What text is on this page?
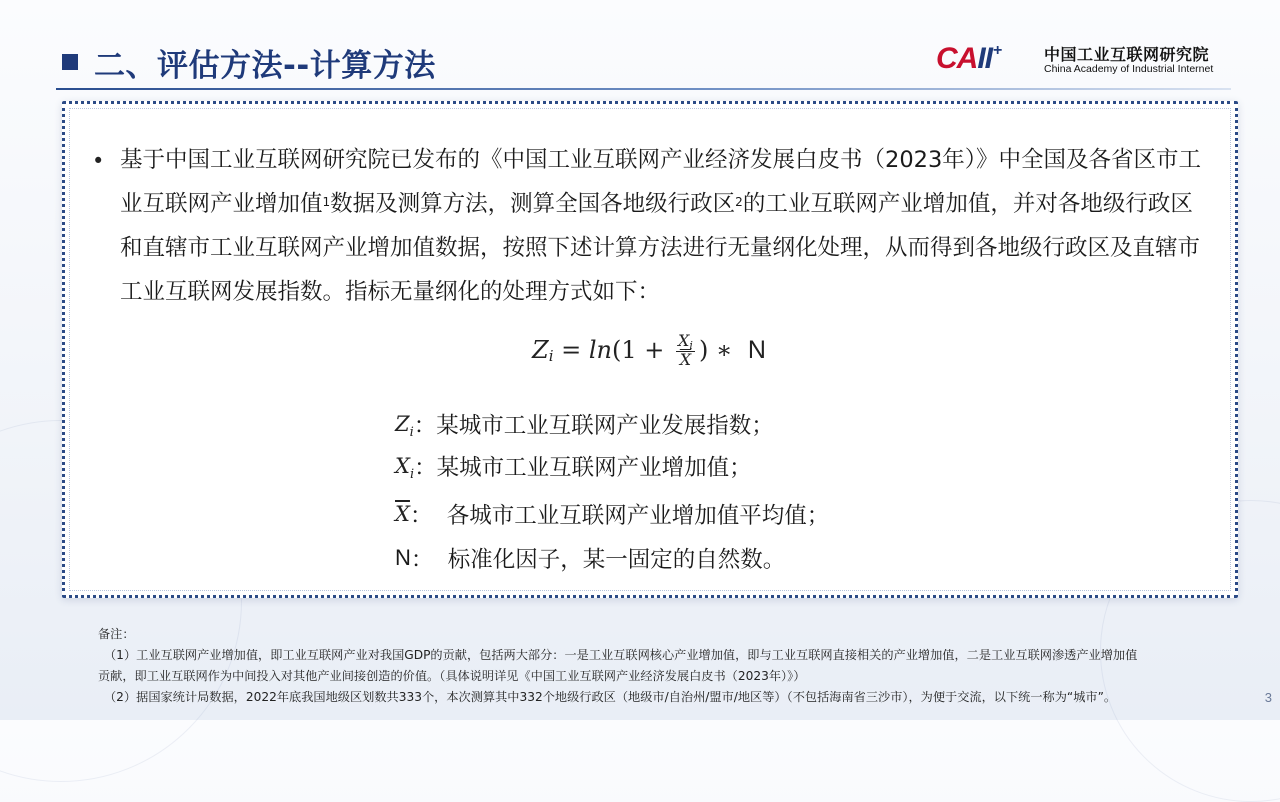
二、评估方法--计算方法	C A II +	中国工业互联网研究院
China Academy of Industrial Internet
• 基于中国工业互联网研究院已发布的《中国工业互联网产业经济发展白皮书（2023年）》中全国及各省区市工业互联网产业增加值$^1$数据及测算方法，测算全国各地级行政区$^2$的工业互联网产业增加值，并对各地级行政区和直辖市工业互联网产业增加值数据，按照下述计算方法进行无量纲化处理，从而得到各地级行政区及直辖市工业互联网发展指数。指标无量纲化的处理方式如下：
Z $i = \ln (1 + \frac{Xi}{X}$ ) ∗ N
$Z_i$ ：某城市工业互联网产业发展指数；
$X_i$ ：某城市工业互联网产业增加值；
$\overline{X}$ ：  各城市工业互联网产业增加值平均值；
N ：  标准化因子，某一固定的自然数。
备注：
（1）工业互联网产业增加值，即工业互联网产业对我国GDP的贡献，包括两大部分：一是工业互联网核心产业增加值，即与工业互联网直接相关的产业增加值，二是工业互联网渗透产业增加值
贡献，即工业互联网作为中间投入对其他产业间接创造的价值。（具体说明详见《中国工业互联网产业经济发展白皮书（2023年）》）
（2）据国家统计局数据，2022年底我国地级区划数共333个，本次测算其中332个地级行政区（地级市/自治州/盟市/地区等）（不包括海南省三沙市），为便于交流，以下统一称为“城市”。	3
